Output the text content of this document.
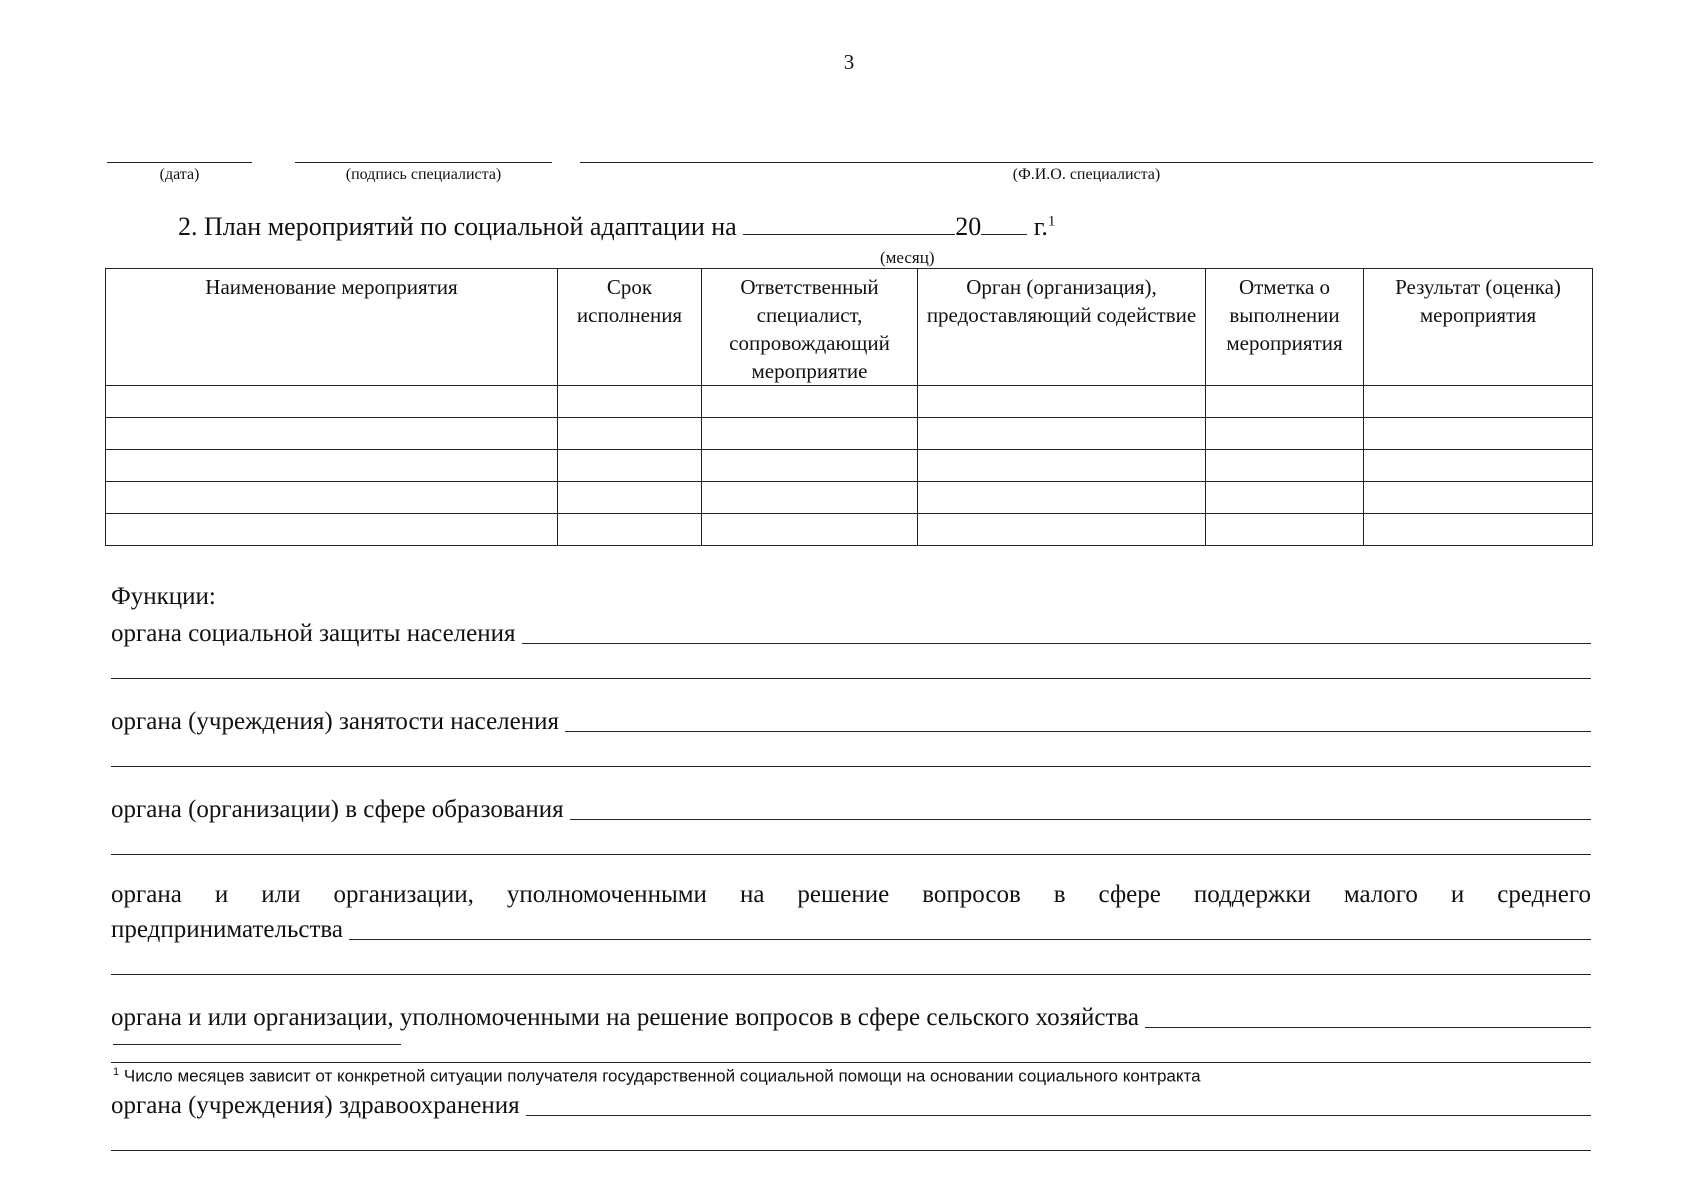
3
(дата)	(подпись специалиста)	(Ф.И.О. специалиста)
2. План мероприятий по социальной адаптации на	20 г.$^1$
(месяц)
Наименование мероприятия	Срок исполнения	Ответственный специалист, сопровождающий мероприятие	Орган (организация), предоставляющий содействие	Отметка о выполнении мероприятия	Результат (оценка) мероприятия

Функции:
органа социальной защиты населения
органа (учреждения) занятости населения
органа (организации) в сфере образования
органа и или организации, уполномоченными на решение вопросов в сфере поддержки малого и среднего
предпринимательства
органа и или организации, уполномоченными на решение вопросов в сфере сельского хозяйства
органа (учреждения) здравоохранения
$^1$ Число месяцев зависит от конкретной ситуации получателя государственной социальной помощи на основании социального контракта
